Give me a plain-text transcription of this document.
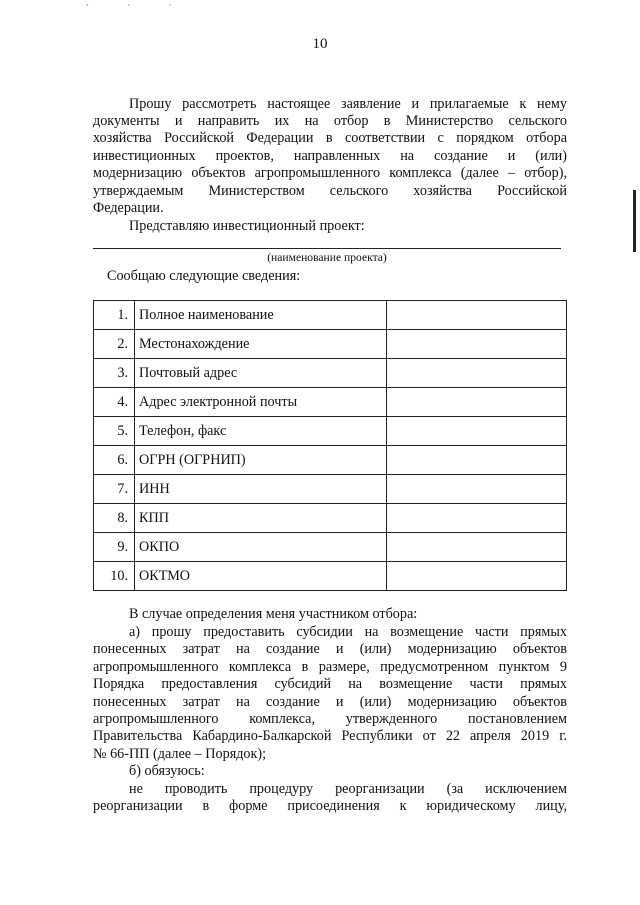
· · ·
10
Прошу рассмотреть настоящее заявление и прилагаемые к нему
документы и направить их на отбор в Министерство сельского
хозяйства Российской Федерации в соответствии с порядком отбора
инвестиционных проектов, направленных на создание и (или)
модернизацию объектов агропромышленного комплекса (далее – отбор),
утверждаемым Министерством сельского хозяйства Российской
Федерации.
Представляю инвестиционный проект:
(наименование проекта)
Сообщаю следующие сведения:
1.	Полное наименование	
2.	Местонахождение	
3.	Почтовый адрес	
4.	Адрес электронной почты	
5.	Телефон, факс	
6.	ОГРН (ОГРНИП)	
7.	ИНН	
8.	КПП	
9.	ОКПО	
10.	ОКТМО	
В случае определения меня участником отбора:
а) прошу предоставить субсидии на возмещение части прямых
понесенных затрат на создание и (или) модернизацию объектов
агропромышленного комплекса в размере, предусмотренном пунктом 9
Порядка предоставления субсидий на возмещение части прямых
понесенных затрат на создание и (или) модернизацию объектов
агропромышленного комплекса, утвержденного постановлением
Правительства Кабардино-Балкарской Республики от 22 апреля 2019 г.
№ 66-ПП (далее – Порядок);
б) обязуюсь:
не проводить процедуру реорганизации (за исключением
реорганизации в форме присоединения к юридическому лицу,
